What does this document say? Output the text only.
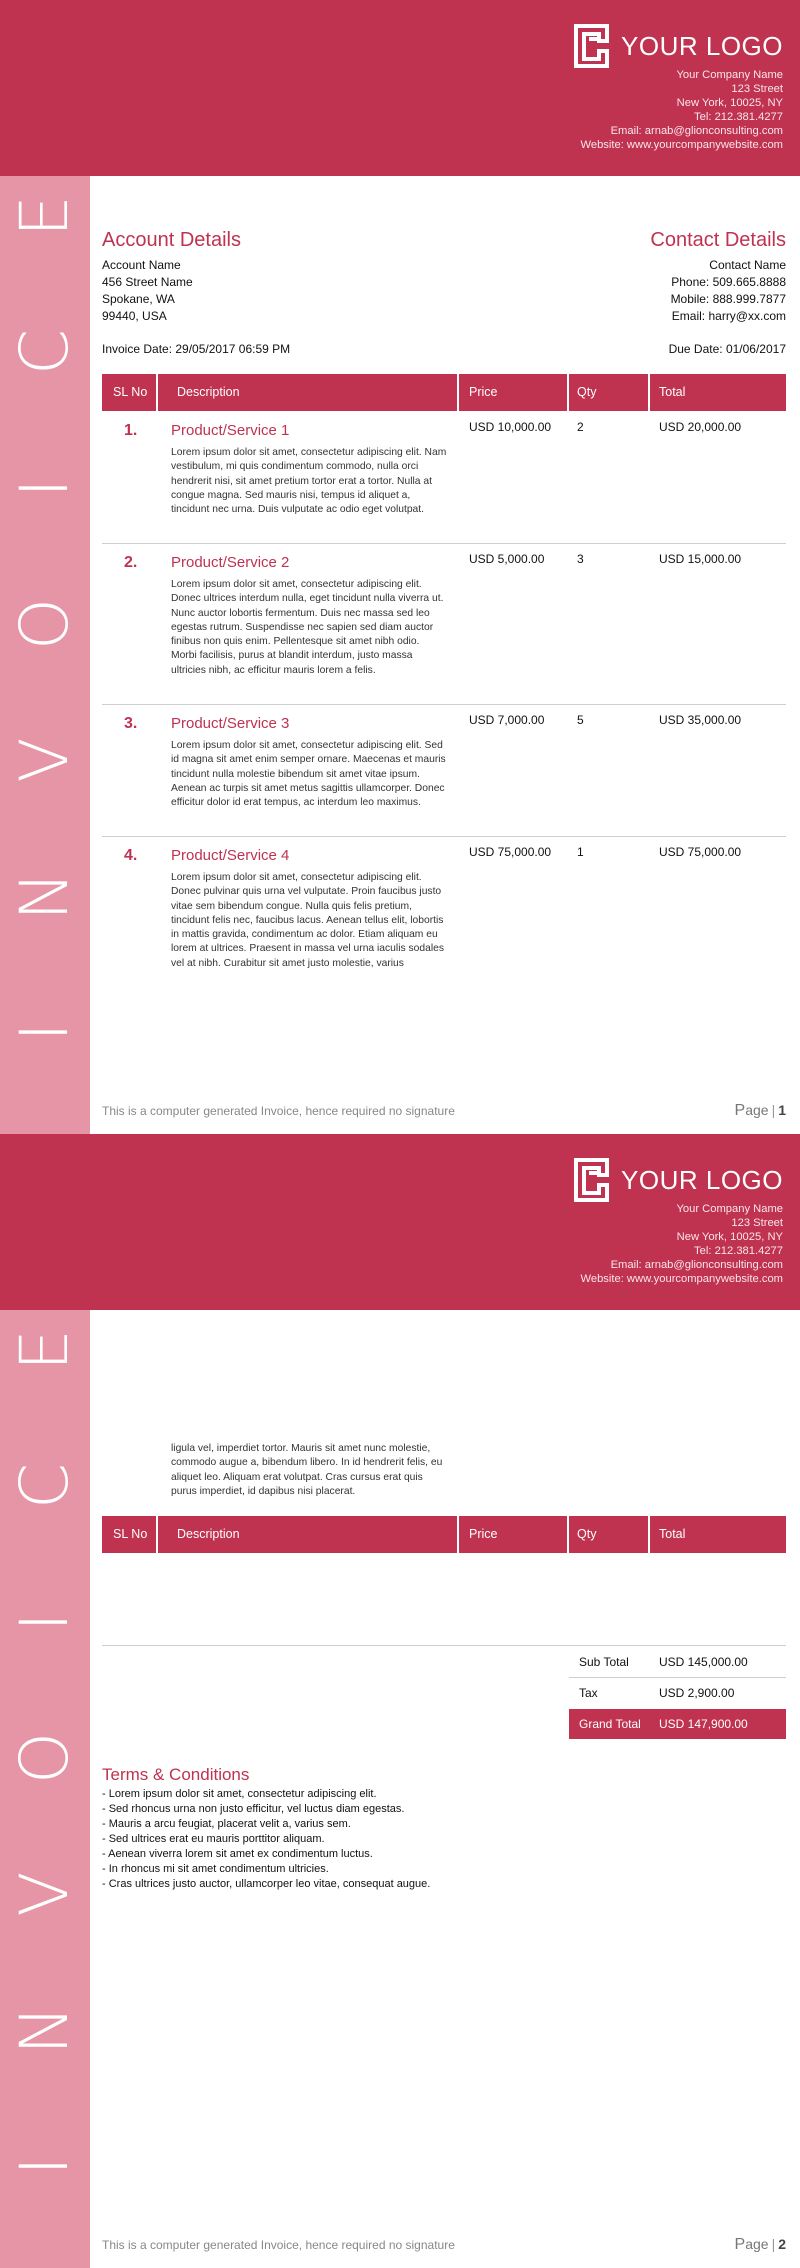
YOUR LOGO
Your Company Name
123 Street
New York, 10025, NY
Tel: 212.381.4277
Email: arnab@glionconsulting.com
Website: www.yourcompanywebsite.com
I
N
V
O
I
C
E
Account Details
Account Name
456 Street Name
Spokane, WA
99440, USA
Contact Details
Contact Name
Phone: 509.665.8888
Mobile: 888.999.7877
Email: harry@xx.com
Invoice Date: 29/05/2017 06:59 PM	Due Date: 01/06/2017
SL No Description	Price	Qty	Total
1. Product/Service 1
Lorem ipsum dolor sit amet, consectetur adipiscing elit. Nam vestibulum, mi quis condimentum commodo, nulla orci hendrerit nisi, sit amet pretium tortor erat a tortor. Nulla at congue magna. Sed mauris nisi, tempus id aliquet a, tincidunt nec urna. Duis vulputate ac odio eget volutpat.
USD 10,000.00 2	USD 20,000.00
2. Product/Service 2
Lorem ipsum dolor sit amet, consectetur adipiscing elit. Donec ultrices interdum nulla, eget tincidunt nulla viverra ut. Nunc auctor lobortis fermentum. Duis nec massa sed leo egestas rutrum. Suspendisse nec sapien sed diam auctor finibus non quis enim. Pellentesque sit amet nibh odio. Morbi facilisis, purus at blandit interdum, justo massa ultricies nibh, ac efficitur mauris lorem a felis.
USD 5,000.00	3	USD 15,000.00
3. Product/Service 3
Lorem ipsum dolor sit amet, consectetur adipiscing elit. Sed id magna sit amet enim semper ornare. Maecenas et mauris tincidunt nulla molestie bibendum sit amet vitae ipsum. Aenean ac turpis sit amet metus sagittis ullamcorper. Donec efficitur dolor id erat tempus, ac interdum leo maximus.
USD 7,000.00	5	USD 35,000.00
4. Product/Service 4
Lorem ipsum dolor sit amet, consectetur adipiscing elit. Donec pulvinar quis urna vel vulputate. Proin faucibus justo vitae sem bibendum congue. Nulla quis felis pretium, tincidunt felis nec, faucibus lacus. Aenean tellus elit, lobortis in mattis gravida, condimentum ac dolor. Etiam aliquam eu lorem at ultrices. Praesent in massa vel urna iaculis sodales vel at nibh. Curabitur sit amet justo molestie, varius
USD 75,000.00 1	USD 75,000.00
This is a computer generated Invoice, hence required no signature	Page | 1
YOUR LOGO
Your Company Name
123 Street
New York, 10025, NY
Tel: 212.381.4277
Email: arnab@glionconsulting.com
Website: www.yourcompanywebsite.com
I
N
V
O
I
C
E
SL No Description	Price	Qty	Total
ligula vel, imperdiet tortor. Mauris sit amet nunc molestie, commodo augue a, bibendum libero. In id hendrerit felis, eu aliquet leo. Aliquam erat volutpat. Cras cursus erat quis purus imperdiet, id dapibus nisi placerat.
Sub Total	USD 145,000.00
Tax	USD 2,900.00
Grand Total USD 147,900.00
Terms & Conditions
- Lorem ipsum dolor sit amet, consectetur adipiscing elit.
- Sed rhoncus urna non justo efficitur, vel luctus diam egestas.
- Mauris a arcu feugiat, placerat velit a, varius sem.
- Sed ultrices erat eu mauris porttitor aliquam.
- Aenean viverra lorem sit amet ex condimentum luctus.
- In rhoncus mi sit amet condimentum ultricies.
- Cras ultrices justo auctor, ullamcorper leo vitae, consequat augue.
This is a computer generated Invoice, hence required no signature	Page | 2
